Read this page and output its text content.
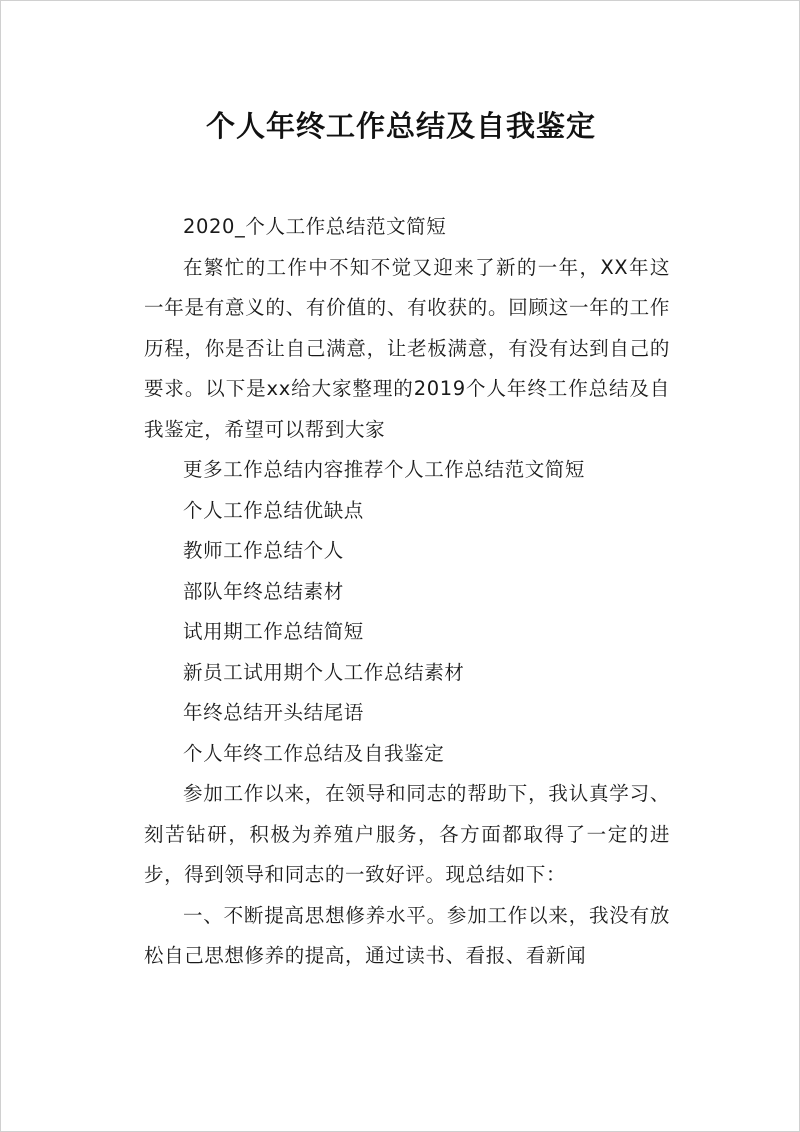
个人年终工作总结及自我鉴定

2020_个人工作总结范文简短

在繁忙的工作中不知不觉又迎来了新的一年，XX年这一年是有意义的、有价值的、有收获的。回顾这一年的工作历程，你是否让自己满意，让老板满意，有没有达到自己的要求。以下是xx给大家整理的2019个人年终工作总结及自我鉴定，希望可以帮到大家

更多工作总结内容推荐个人工作总结范文简短

个人工作总结优缺点

教师工作总结个人

部队年终总结素材

试用期工作总结简短

新员工试用期个人工作总结素材

年终总结开头结尾语

个人年终工作总结及自我鉴定

参加工作以来，在领导和同志的帮助下，我认真学习、刻苦钻研，积极为养殖户服务，各方面都取得了一定的进步，得到领导和同志的一致好评。现总结如下：

一、不断提高思想修养水平。参加工作以来，我没有放松自己思想修养的提高，通过读书、看报、看新闻
